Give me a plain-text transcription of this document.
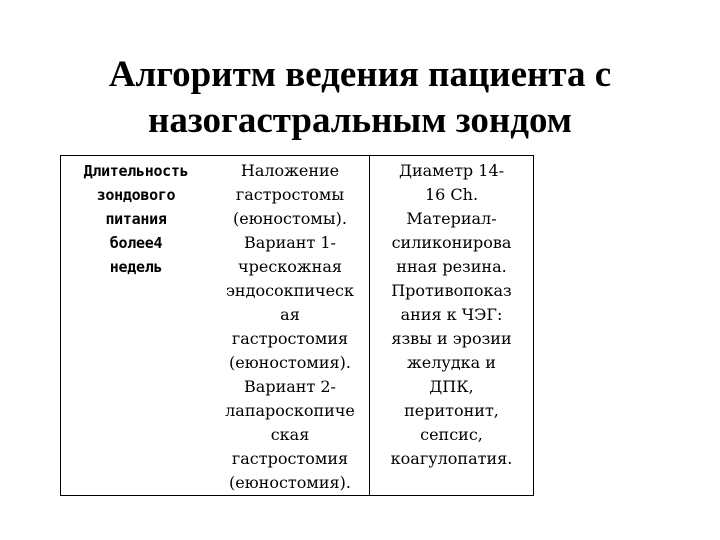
Алгоритм ведения пациента с
назогастральным зондом
Длительность
зондового
питания
более4
недель
Наложение
гастростомы
(еюностомы).
Вариант 1-
чрескожная
эндосокпическ
ая
гастростомия
(еюностомия).
Вариант 2-
лапароскопиче
ская
гастростомия
(еюностомия).
Диаметр 14-
16 Ch.
Материал-
силиконирова
нная резина.
Противопоказ
ания к ЧЭГ:
язвы и эрозии
желудка и
ДПК,
перитонит,
сепсис,
коагулопатия.
